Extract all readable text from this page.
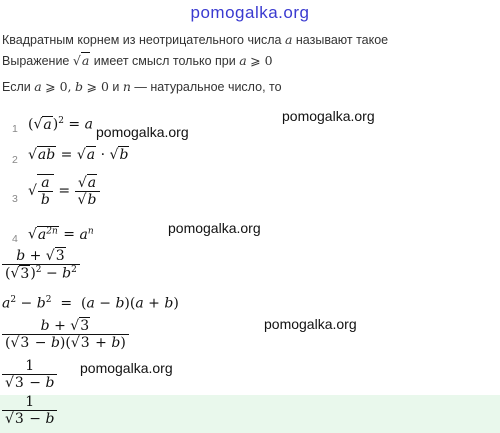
pomogalka.org
Квадратным корнем из неотрицательного числа a называют такое
Выражение √a имеет смысл только при a ⩾ 0
Если a ⩾ 0, b ⩾ 0 и n — натуральное число, то
1 $(√a)^2 = a$
2 √ab = √a · √b
3 √ $\frac{a}{b} = \frac{√a}{√b}$
4 $√a^{2n} = a^n$
$\frac{b + √3}{(√3)^2 - b^2}$
$a^2 - b^2 = (a - b)(a + b)$
$\frac{b + √3}{(√3 - b)(√3 + b)}$
$\frac{1}{√3 - b}$
$\frac{1}{√3 - b}$
pomogalka.org
pomogalka.org
pomogalka.org
pomogalka.org
pomogalka.org
